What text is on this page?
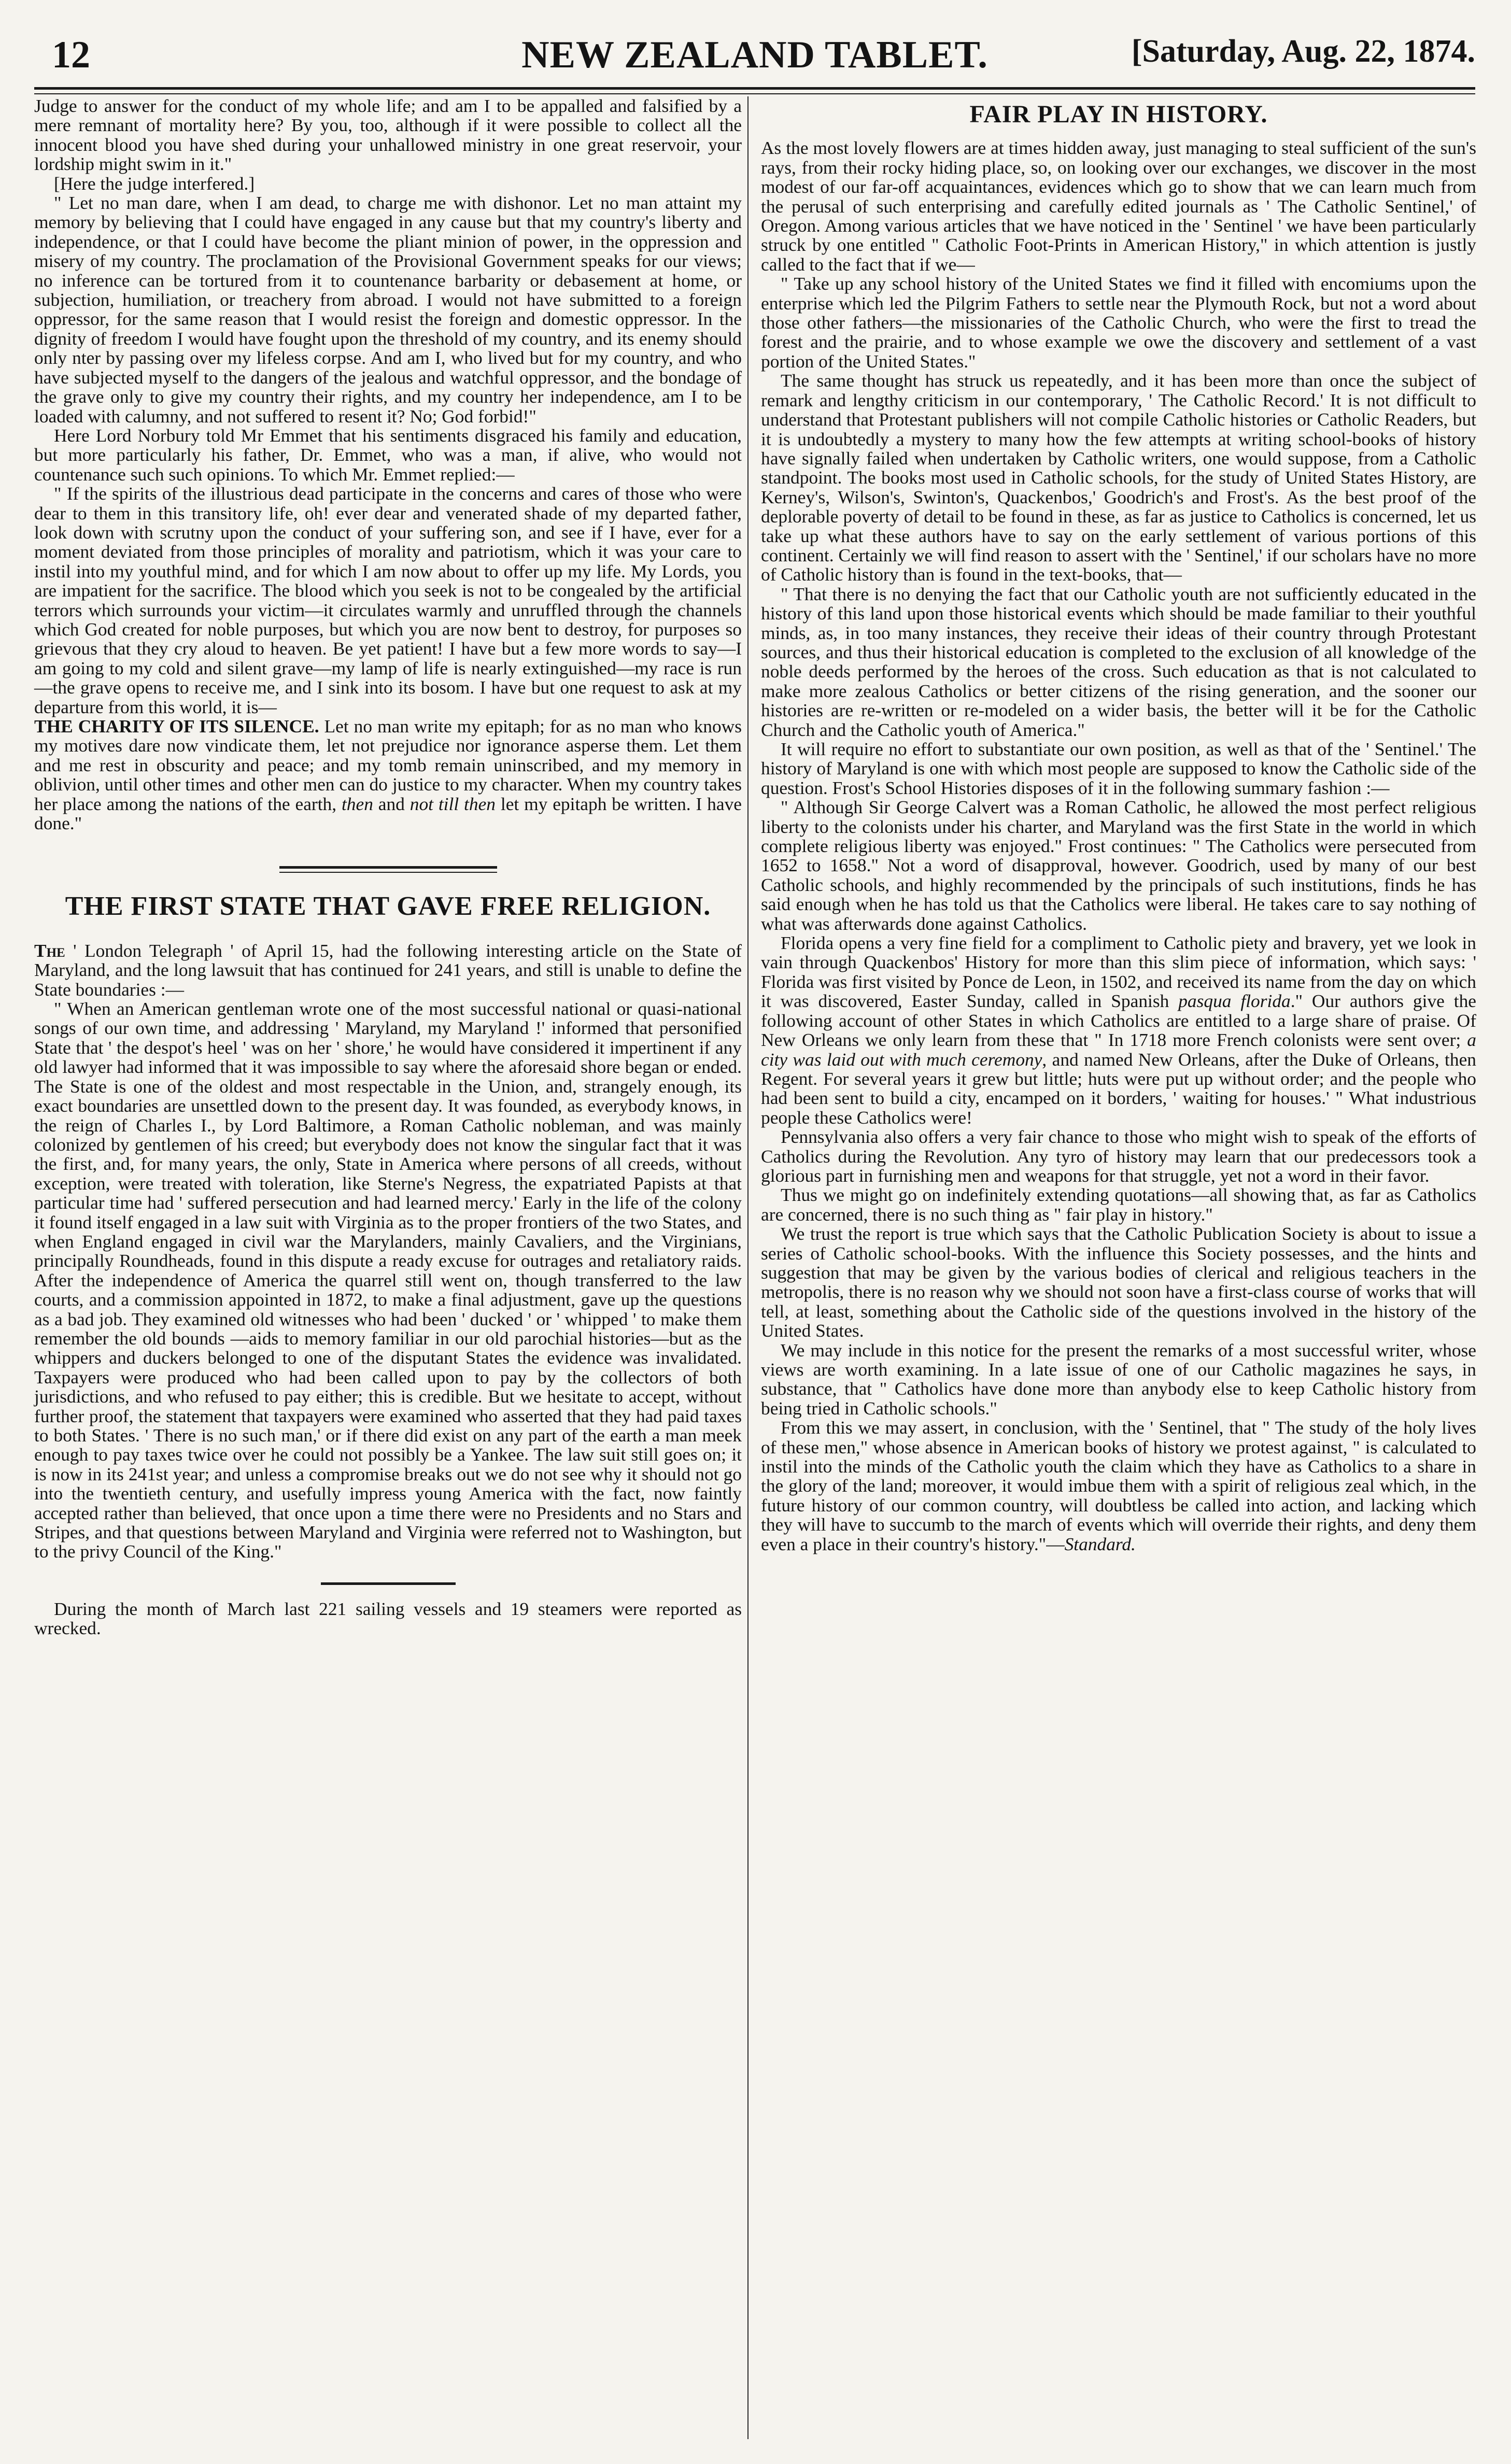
12	NEW ZEALAND TABLET.	[Saturday, Aug. 22, 1874.

Judge to answer for the conduct of my whole life; and am I to be appalled and falsified by a mere remnant of mortality here? By you, too, although if it were possible to collect all the innocent blood you have shed during your unhallowed ministry in one great reservoir, your lordship might swim in it."

[Here the judge interfered.]

" Let no man dare, when I am dead, to charge me with dishonor. Let no man attaint my memory by believing that I could have engaged in any cause but that my country's liberty and independence, or that I could have become the pliant minion of power, in the oppression and misery of my country. The proclamation of the Provisional Government speaks for our views; no inference can be tortured from it to countenance barbarity or debasement at home, or subjection, humiliation, or treachery from abroad. I would not have submitted to a foreign oppressor, for the same reason that I would resist the foreign and domestic oppressor. In the dignity of freedom I would have fought upon the threshold of my country, and its enemy should only nter by passing over my lifeless corpse. And am I, who lived but for my country, and who have subjected myself to the dangers of the jealous and watchful oppressor, and the bondage of the grave only to give my country their rights, and my country her independence, am I to be loaded with calumny, and not suffered to resent it? No; God forbid!"

Here Lord Norbury told Mr Emmet that his sentiments disgraced his family and education, but more particularly his father, Dr. Emmet, who was a man, if alive, who would not countenance such such opinions. To which Mr. Emmet replied:—

" If the spirits of the illustrious dead participate in the concerns and cares of those who were dear to them in this transitory life, oh! ever dear and venerated shade of my departed father, look down with scrutny upon the conduct of your suffering son, and see if I have, ever for a moment deviated from those principles of morality and patriotism, which it was your care to instil into my youthful mind, and for which I am now about to offer up my life. My Lords, you are impatient for the sacrifice. The blood which you seek is not to be congealed by the artificial terrors which surrounds your victim—it circulates warmly and unruffled through the channels which God created for noble purposes, but which you are now bent to destroy, for purposes so grievous that they cry aloud to heaven. Be yet patient! I have but a few more words to say—I am going to my cold and silent grave—my lamp of life is nearly extinguished—my race is run—the grave opens to receive me, and I sink into its bosom. I have but one request to ask at my departure from this world, it is—

THE CHARITY OF ITS SILENCE. Let no man write my epitaph; for as no man who knows my motives dare now vindicate them, let not prejudice nor ignorance asperse them. Let them and me rest in obscurity and peace; and my tomb remain uninscribed, and my memory in oblivion, until other times and other men can do justice to my character. When my country takes her place among the nations of the earth, then and not till then let my epitaph be written. I have done."

THE FIRST STATE THAT GAVE FREE RELIGION.

The ' London Telegraph ' of April 15, had the following interesting article on the State of Maryland, and the long lawsuit that has continued for 241 years, and still is unable to define the State boundaries :—

" When an American gentleman wrote one of the most successful national or quasi-national songs of our own time, and addressing ' Maryland, my Maryland !' informed that personified State that ' the despot's heel ' was on her ' shore,' he would have considered it impertinent if any old lawyer had informed that it was impossible to say where the aforesaid shore began or ended. The State is one of the oldest and most respectable in the Union, and, strangely enough, its exact boundaries are unsettled down to the present day. It was founded, as everybody knows, in the reign of Charles I., by Lord Baltimore, a Roman Catholic nobleman, and was mainly colonized by gentlemen of his creed; but everybody does not know the singular fact that it was the first, and, for many years, the only, State in America where persons of all creeds, without exception, were treated with toleration, like Sterne's Negress, the expatriated Papists at that particular time had ' suffered persecution and had learned mercy.' Early in the life of the colony it found itself engaged in a law suit with Virginia as to the proper frontiers of the two States, and when England engaged in civil war the Marylanders, mainly Cavaliers, and the Virginians, principally Roundheads, found in this dispute a ready excuse for outrages and retaliatory raids. After the independence of America the quarrel still went on, though transferred to the law courts, and a commission appointed in 1872, to make a final adjustment, gave up the questions as a bad job. They examined old witnesses who had been ' ducked ' or ' whipped ' to make them remember the old bounds —aids to memory familiar in our old parochial histories—but as the whippers and duckers belonged to one of the disputant States the evidence was invalidated. Taxpayers were produced who had been called upon to pay by the collectors of both jurisdictions, and who refused to pay either; this is credible. But we hesitate to accept, without further proof, the statement that taxpayers were examined who asserted that they had paid taxes to both States. ' There is no such man,' or if there did exist on any part of the earth a man meek enough to pay taxes twice over he could not possibly be a Yankee. The law suit still goes on; it is now in its 241st year; and unless a compromise breaks out we do not see why it should not go into the twentieth century, and usefully impress young America with the fact, now faintly accepted rather than believed, that once upon a time there were no Presidents and no Stars and Stripes, and that questions between Maryland and Virginia were referred not to Washington, but to the privy Council of the King."

During the month of March last 221 sailing vessels and 19 steamers were reported as wrecked.

FAIR PLAY IN HISTORY.

As the most lovely flowers are at times hidden away, just managing to steal sufficient of the sun's rays, from their rocky hiding place, so, on looking over our exchanges, we discover in the most modest of our far-off acquaintances, evidences which go to show that we can learn much from the perusal of such enterprising and carefully edited journals as ' The Catholic Sentinel,' of Oregon. Among various articles that we have noticed in the ' Sentinel ' we have been particularly struck by one entitled " Catholic Foot-Prints in American History," in which attention is justly called to the fact that if we—

" Take up any school history of the United States we find it filled with encomiums upon the enterprise which led the Pilgrim Fathers to settle near the Plymouth Rock, but not a word about those other fathers—the missionaries of the Catholic Church, who were the first to tread the forest and the prairie, and to whose example we owe the discovery and settlement of a vast portion of the United States."

The same thought has struck us repeatedly, and it has been more than once the subject of remark and lengthy criticism in our contemporary, ' The Catholic Record.' It is not difficult to understand that Protestant publishers will not compile Catholic histories or Catholic Readers, but it is undoubtedly a mystery to many how the few attempts at writing school-books of history have signally failed when undertaken by Catholic writers, one would suppose, from a Catholic standpoint. The books most used in Catholic schools, for the study of United States History, are Kerney's, Wilson's, Swinton's, Quackenbos,' Goodrich's and Frost's. As the best proof of the deplorable poverty of detail to be found in these, as far as justice to Catholics is concerned, let us take up what these authors have to say on the early settlement of various portions of this continent. Certainly we will find reason to assert with the ' Sentinel,' if our scholars have no more of Catholic history than is found in the text-books, that—

" That there is no denying the fact that our Catholic youth are not sufficiently educated in the history of this land upon those historical events which should be made familiar to their youthful minds, as, in too many instances, they receive their ideas of their country through Protestant sources, and thus their historical education is completed to the exclusion of all knowledge of the noble deeds performed by the heroes of the cross. Such education as that is not calculated to make more zealous Catholics or better citizens of the rising generation, and the sooner our histories are re-written or re-modeled on a wider basis, the better will it be for the Catholic Church and the Catholic youth of America."

It will require no effort to substantiate our own position, as well as that of the ' Sentinel.' The history of Maryland is one with which most people are supposed to know the Catholic side of the question. Frost's School Histories disposes of it in the following summary fashion :—

" Although Sir George Calvert was a Roman Catholic, he allowed the most perfect religious liberty to the colonists under his charter, and Maryland was the first State in the world in which complete religious liberty was enjoyed." Frost continues: " The Catholics were persecuted from 1652 to 1658." Not a word of disapproval, however. Goodrich, used by many of our best Catholic schools, and highly recommended by the principals of such institutions, finds he has said enough when he has told us that the Catholics were liberal. He takes care to say nothing of what was afterwards done against Catholics.

Florida opens a very fine field for a compliment to Catholic piety and bravery, yet we look in vain through Quackenbos' History for more than this slim piece of information, which says: ' Florida was first visited by Ponce de Leon, in 1502, and received its name from the day on which it was discovered, Easter Sunday, called in Spanish pasqua florida." Our authors give the following account of other States in which Catholics are entitled to a large share of praise. Of New Orleans we only learn from these that " In 1718 more French colonists were sent over; a city was laid out with much ceremony, and named New Orleans, after the Duke of Orleans, then Regent. For several years it grew but little; huts were put up without order; and the people who had been sent to build a city, encamped on it borders, ' waiting for houses.' " What industrious people these Catholics were!

Pennsylvania also offers a very fair chance to those who might wish to speak of the efforts of Catholics during the Revolution. Any tyro of history may learn that our predecessors took a glorious part in furnishing men and weapons for that struggle, yet not a word in their favor.

Thus we might go on indefinitely extending quotations—all showing that, as far as Catholics are concerned, there is no such thing as " fair play in history."

We trust the report is true which says that the Catholic Publication Society is about to issue a series of Catholic school-books. With the influence this Society possesses, and the hints and suggestion that may be given by the various bodies of clerical and religious teachers in the metropolis, there is no reason why we should not soon have a first-class course of works that will tell, at least, something about the Catholic side of the questions involved in the history of the United States.

We may include in this notice for the present the remarks of a most successful writer, whose views are worth examining. In a late issue of one of our Catholic magazines he says, in substance, that " Catholics have done more than anybody else to keep Catholic history from being tried in Catholic schools."

From this we may assert, in conclusion, with the ' Sentinel, that " The study of the holy lives of these men," whose absence in American books of history we protest against, " is calculated to instil into the minds of the Catholic youth the claim which they have as Catholics to a share in the glory of the land; moreover, it would imbue them with a spirit of religious zeal which, in the future history of our common country, will doubtless be called into action, and lacking which they will have to succumb to the march of events which will override their rights, and deny them even a place in their country's history."—Standard.
